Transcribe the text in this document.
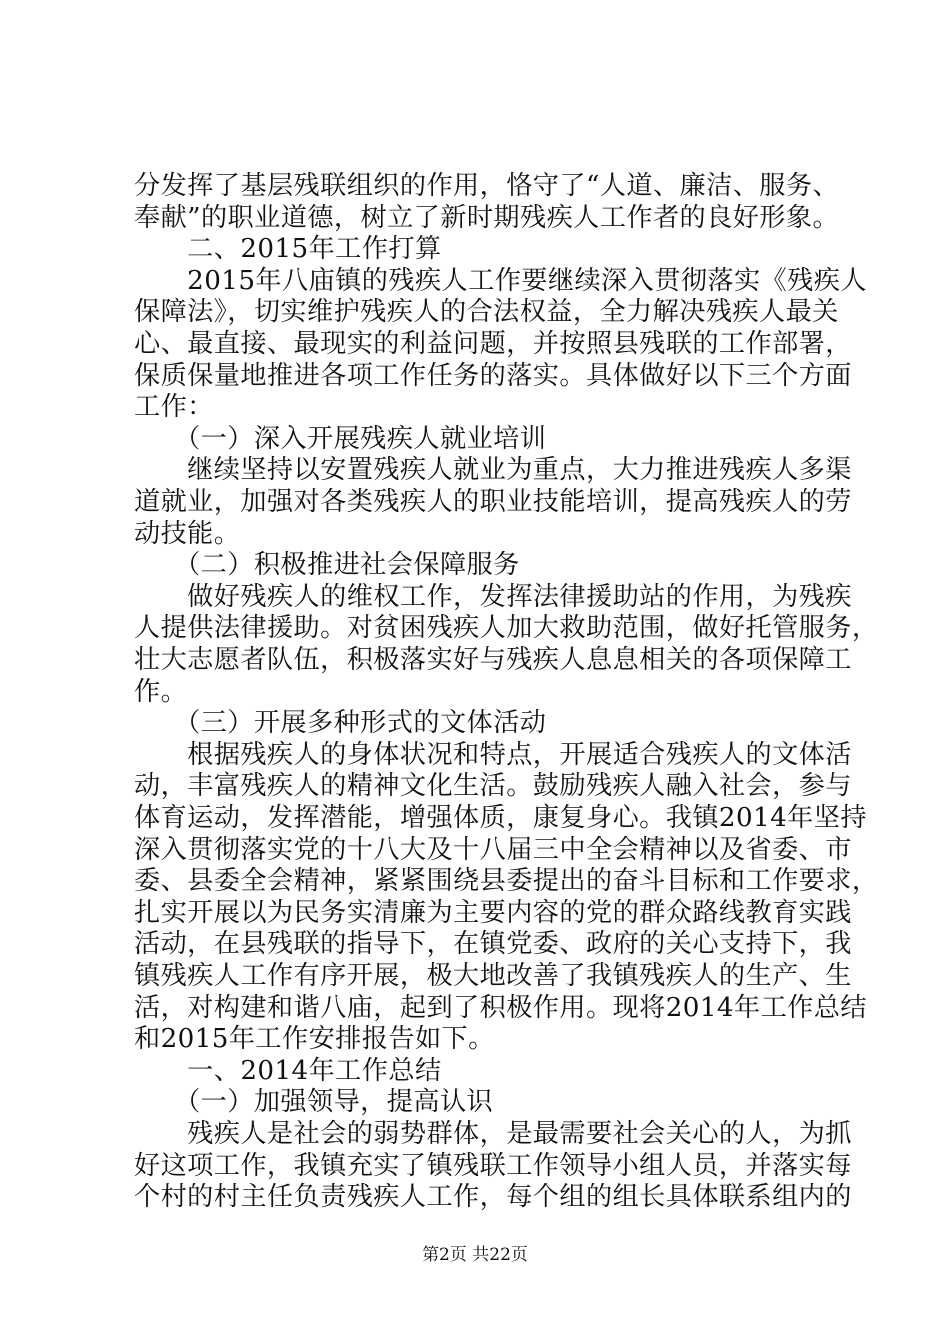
分发挥了基层残联组织的作用，恪守了“人道、廉洁、服务、
奉献”的职业道德，树立了新时期残疾人工作者的良好形象。
　　二、2015年工作打算
　　2015年八庙镇的残疾人工作要继续深入贯彻落实《残疾人
保障法》，切实维护残疾人的合法权益，全力解决残疾人最关
心、最直接、最现实的利益问题，并按照县残联的工作部署，
保质保量地推进各项工作任务的落实。具体做好以下三个方面
工作：
　　（一）深入开展残疾人就业培训
　　继续坚持以安置残疾人就业为重点，大力推进残疾人多渠
道就业，加强对各类残疾人的职业技能培训，提高残疾人的劳
动技能。
　　（二）积极推进社会保障服务
　　做好残疾人的维权工作，发挥法律援助站的作用，为残疾
人提供法律援助。对贫困残疾人加大救助范围，做好托管服务，
壮大志愿者队伍，积极落实好与残疾人息息相关的各项保障工
作。
　　（三）开展多种形式的文体活动
　　根据残疾人的身体状况和特点，开展适合残疾人的文体活
动，丰富残疾人的精神文化生活。鼓励残疾人融入社会，参与
体育运动，发挥潜能，增强体质，康复身心。我镇2014年坚持
深入贯彻落实党的十八大及十八届三中全会精神以及省委、市
委、县委全会精神，紧紧围绕县委提出的奋斗目标和工作要求，
扎实开展以为民务实清廉为主要内容的党的群众路线教育实践
活动，在县残联的指导下，在镇党委、政府的关心支持下，我
镇残疾人工作有序开展，极大地改善了我镇残疾人的生产、生
活，对构建和谐八庙，起到了积极作用。现将2014年工作总结
和2015年工作安排报告如下。
　　一、2014年工作总结
　　（一）加强领导，提高认识
　　残疾人是社会的弱势群体，是最需要社会关心的人，为抓
好这项工作，我镇充实了镇残联工作领导小组人员，并落实每
个村的村主任负责残疾人工作，每个组的组长具体联系组内的
第2页 共22页
